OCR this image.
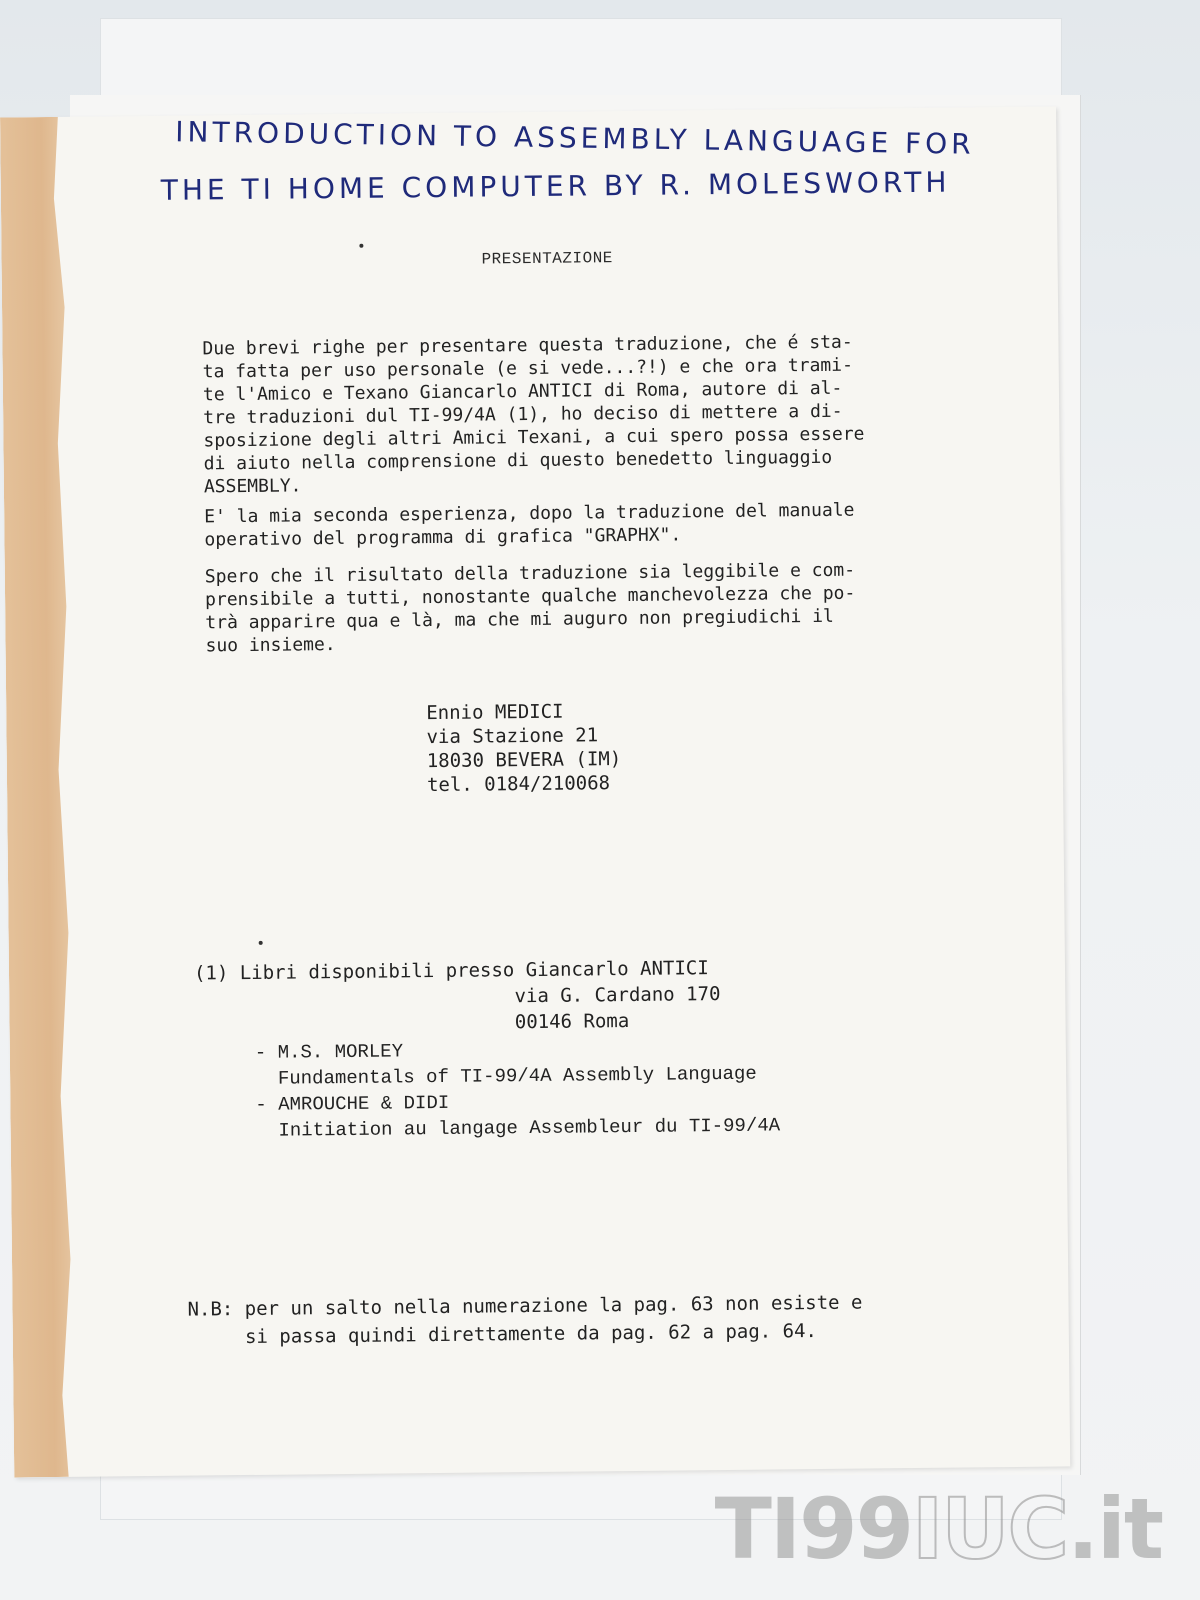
INTRODUCTION TO ASSEMBLY LANGUAGE FOR
THE TI HOME COMPUTER BY R. MOLESWORTH
PRESENTAZIONE
Due brevi righe per presentare questa traduzione, che é sta-
ta fatta per uso personale (e si vede...?!) e che ora trami-
te l'Amico e Texano Giancarlo ANTICI di Roma, autore di al-
tre traduzioni dul TI-99/4A (1), ho deciso di mettere a di-
sposizione degli altri Amici Texani, a cui spero possa essere
di aiuto nella comprensione di questo benedetto linguaggio
ASSEMBLY.
E' la mia seconda esperienza, dopo la traduzione del manuale
operativo del programma di grafica "GRAPHX".
Spero che il risultato della traduzione sia leggibile e com-
prensibile a tutti, nonostante qualche manchevolezza che po-
trà apparire qua e là, ma che mi auguro non pregiudichi il
suo insieme.
Ennio MEDICI
via Stazione 21
18030 BEVERA (IM)
tel. 0184/210068
(1) Libri disponibili presso Giancarlo ANTICI
via G. Cardano 170
00146 Roma
- M.S. MORLEY
Fundamentals of TI-99/4A Assembly Language
- AMROUCHE & DIDI
Initiation au langage Assembleur du TI-99/4A
N.B: per un salto nella numerazione la pag. 63 non esiste e
si passa quindi direttamente da pag. 62 a pag. 64.
TI99IUC.it
